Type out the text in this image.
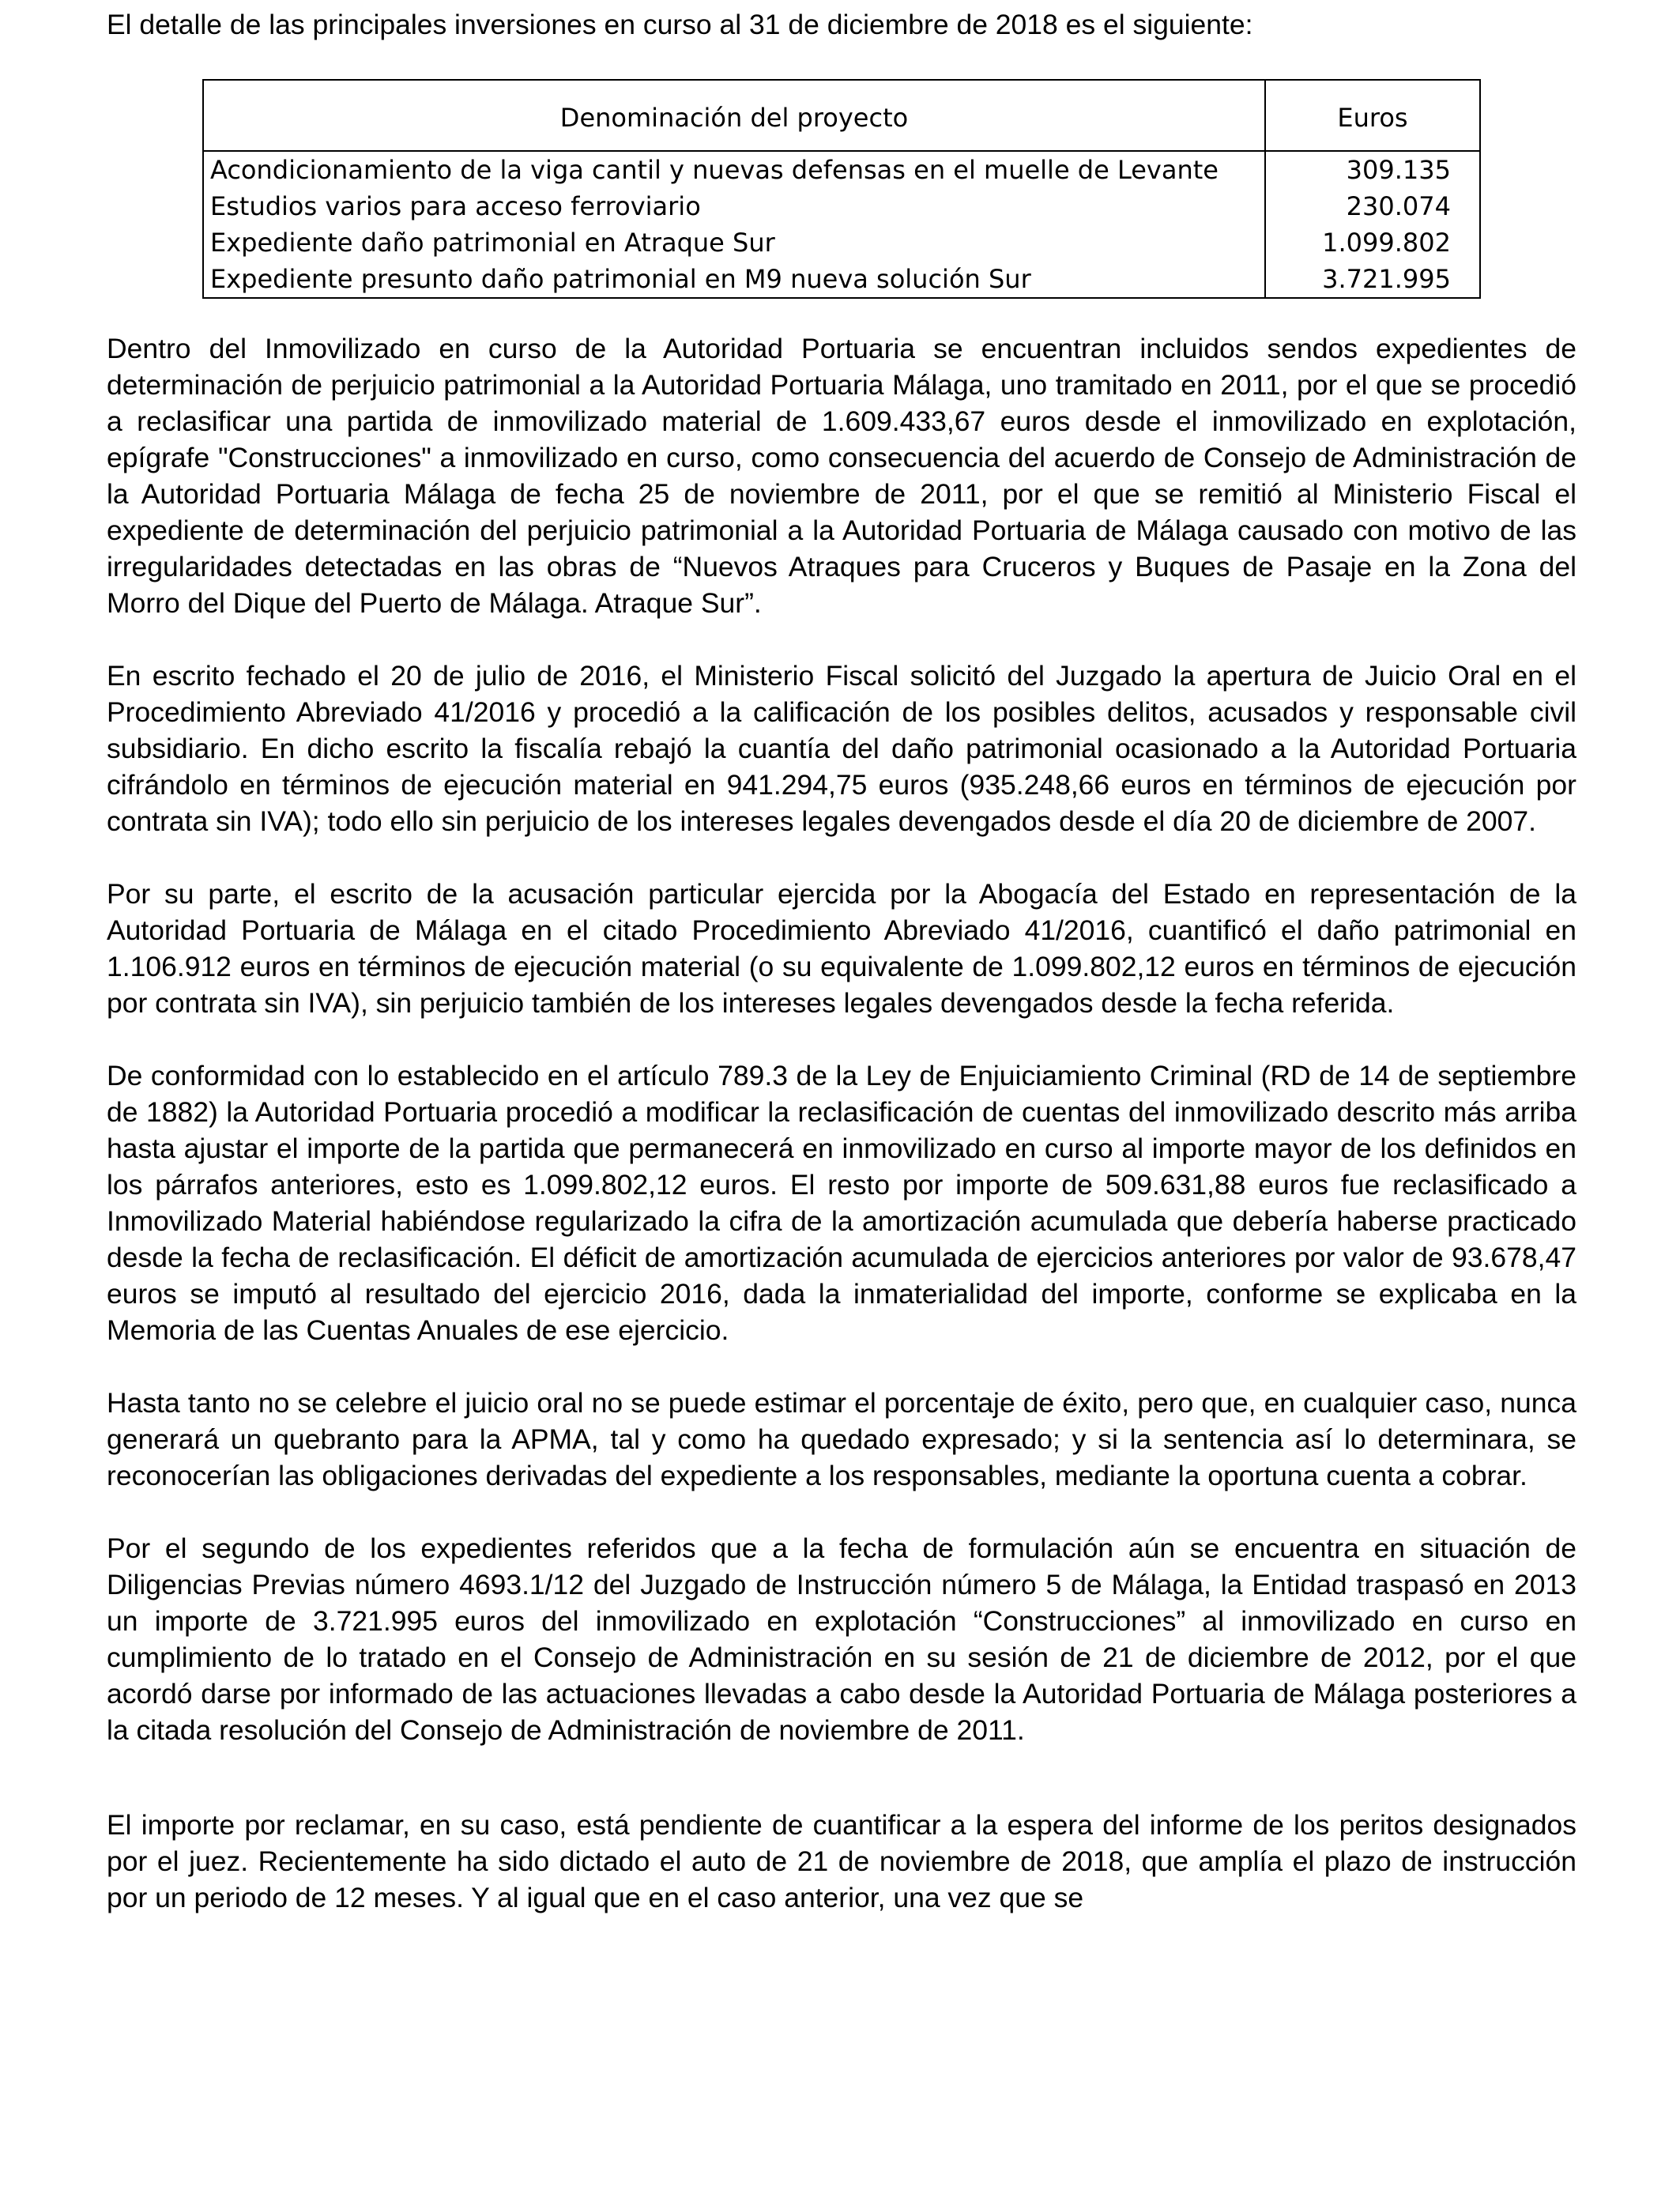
El detalle de las principales inversiones en curso al 31 de diciembre de 2018 es el siguiente:

Denominación del proyecto	Euros
Acondicionamiento de la viga cantil y nuevas defensas en el muelle de Levante	309.135
Estudios varios para acceso ferroviario	230.074
Expediente daño patrimonial en Atraque Sur	1.099.802
Expediente presunto daño patrimonial en M9 nueva solución Sur	3.721.995

Dentro del Inmovilizado en curso de la Autoridad Portuaria se encuentran incluidos sendos expedientes de determinación de perjuicio patrimonial a la Autoridad Portuaria Málaga, uno tramitado en 2011, por el que se procedió a reclasificar una partida de inmovilizado material de 1.609.433,67 euros desde el inmovilizado en explotación, epígrafe "Construcciones" a inmovilizado en curso, como consecuencia del acuerdo de Consejo de Administración de la Autoridad Portuaria Málaga de fecha 25 de noviembre de 2011, por el que se remitió al Ministerio Fiscal el expediente de determinación del perjuicio patrimonial a la Autoridad Portuaria de Málaga causado con motivo de las irregularidades detectadas en las obras de “Nuevos Atraques para Cruceros y Buques de Pasaje en la Zona del Morro del Dique del Puerto de Málaga. Atraque Sur”.

En escrito fechado el 20 de julio de 2016, el Ministerio Fiscal solicitó del Juzgado la apertura de Juicio Oral en el Procedimiento Abreviado 41/2016 y procedió a la calificación de los posibles delitos, acusados y responsable civil subsidiario. En dicho escrito la fiscalía rebajó la cuantía del daño patrimonial ocasionado a la Autoridad Portuaria cifrándolo en términos de ejecución material en 941.294,75 euros (935.248,66 euros en términos de ejecución por contrata sin IVA); todo ello sin perjuicio de los intereses legales devengados desde el día 20 de diciembre de 2007.

Por su parte, el escrito de la acusación particular ejercida por la Abogacía del Estado en representación de la Autoridad Portuaria de Málaga en el citado Procedimiento Abreviado 41/2016, cuantificó el daño patrimonial en 1.106.912 euros en términos de ejecución material (o su equivalente de 1.099.802,12 euros en términos de ejecución por contrata sin IVA), sin perjuicio también de los intereses legales devengados desde la fecha referida.

De conformidad con lo establecido en el artículo 789.3 de la Ley de Enjuiciamiento Criminal (RD de 14 de septiembre de 1882) la Autoridad Portuaria procedió a modificar la reclasificación de cuentas del inmovilizado descrito más arriba hasta ajustar el importe de la partida que permanecerá en inmovilizado en curso al importe mayor de los definidos en los párrafos anteriores, esto es 1.099.802,12 euros. El resto por importe de 509.631,88 euros fue reclasificado a Inmovilizado Material habiéndose regularizado la cifra de la amortización acumulada que debería haberse practicado desde la fecha de reclasificación. El déficit de amortización acumulada de ejercicios anteriores por valor de 93.678,47 euros se imputó al resultado del ejercicio 2016, dada la inmaterialidad del importe, conforme se explicaba en la Memoria de las Cuentas Anuales de ese ejercicio.

Hasta tanto no se celebre el juicio oral no se puede estimar el porcentaje de éxito, pero que, en cualquier caso, nunca generará un quebranto para la APMA, tal y como ha quedado expresado; y si la sentencia así lo determinara, se reconocerían las obligaciones derivadas del expediente a los responsables, mediante la oportuna cuenta a cobrar.

Por el segundo de los expedientes referidos que a la fecha de formulación aún se encuentra en situación de Diligencias Previas número 4693.1/12 del Juzgado de Instrucción número 5 de Málaga, la Entidad traspasó en 2013 un importe de 3.721.995 euros del inmovilizado en explotación “Construcciones” al inmovilizado en curso en cumplimiento de lo tratado en el Consejo de Administración en su sesión de 21 de diciembre de 2012, por el que acordó darse por informado de las actuaciones llevadas a cabo desde la Autoridad Portuaria de Málaga posteriores a la citada resolución del Consejo de Administración de noviembre de 2011.

El importe por reclamar, en su caso, está pendiente de cuantificar a la espera del informe de los peritos designados por el juez. Recientemente ha sido dictado el auto de 21 de noviembre de 2018, que amplía el plazo de instrucción por un periodo de 12 meses. Y al igual que en el caso anterior, una vez que se
